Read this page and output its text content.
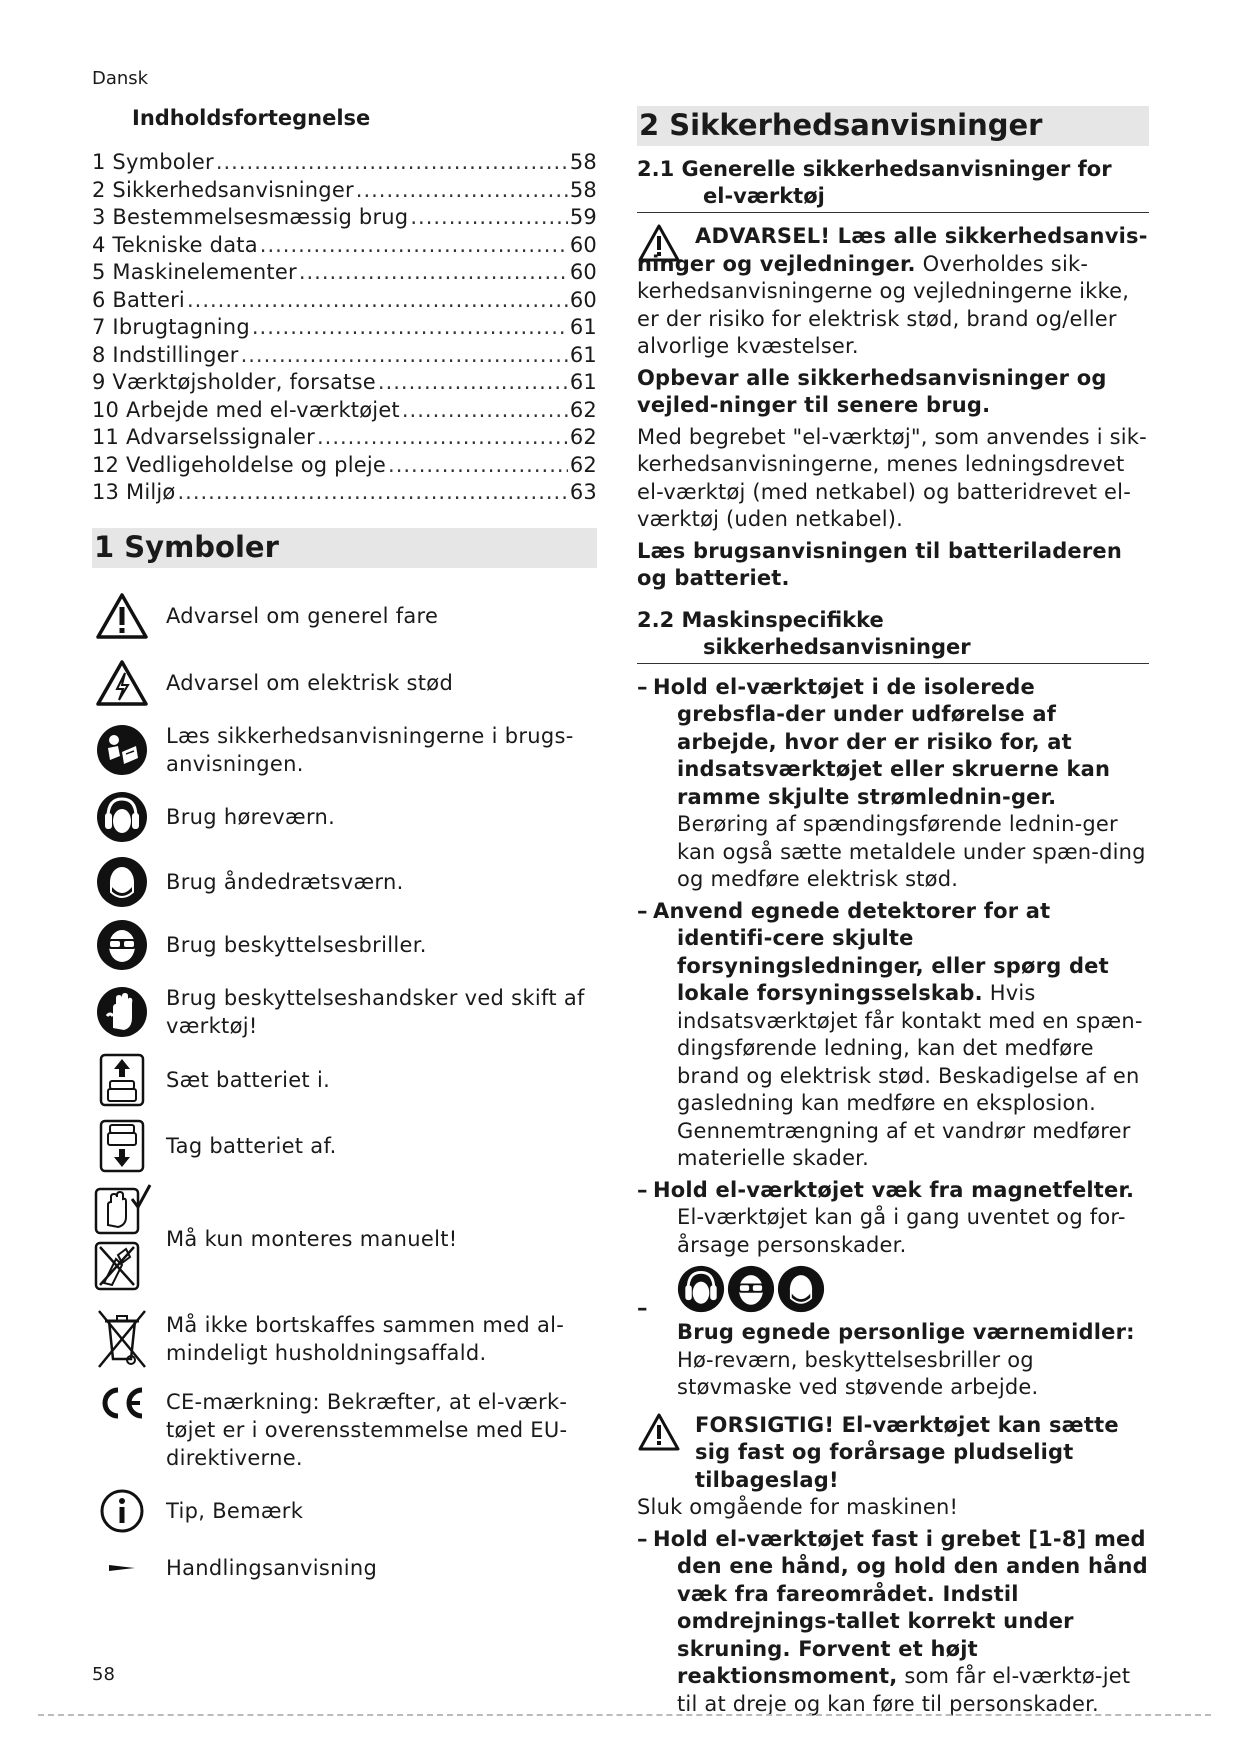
Dansk
Indholdsfortegnelse
1 Symboler .....	58
2 Sikkerhedsanvisninger .....	58
3 Bestemmelsesmæssig brug .....	59
4 Tekniske data .....	60
5 Maskinelementer .....	60
6 Batteri .....	60
7 Ibrugtagning .....	61
8 Indstillinger .....	61
9 Værktøjsholder, forsatse .....	61
10 Arbejde med el-værktøjet .....	62
11 Advarselssignaler .....	62
12 Vedligeholdelse og pleje .....	62
13 Miljø .....	63
1 Symboler
Advarsel om generel fare
Advarsel om elektrisk stød
Læs sikkerhedsanvisningerne i brugs-anvisningen.
Brug høreværn.
Brug åndedrætsværn.
Brug beskyttelsesbriller.
Brug beskyttelseshandsker ved skift af værktøj!
Sæt batteriet i.
Tag batteriet af.
Må kun monteres manuelt!
Må ikke bortskaffes sammen med al-mindeligt husholdningsaffald.
CE-mærkning: Bekræfter, at el-værk-tøjet er i overensstemmelse med EU-direktiverne.
Tip, Bemærk
Handlingsanvisning
2 Sikkerhedsanvisninger
2.1 Generelle sikkerhedsanvisninger for
el-værktøj
ADVARSEL! Læs alle sikkerhedsanvis-ninger og vejledninger. Overholdes sik-kerhedsanvisningerne og vejledningerne ikke, er der risiko for elektrisk stød, brand og/eller alvorlige kvæstelser.
Opbevar alle sikkerhedsanvisninger og vejled-ninger til senere brug.
Med begrebet "el-værktøj", som anvendes i sik-kerhedsanvisningerne, menes ledningsdrevet el-værktøj (med netkabel) og batteridrevet el-værktøj (uden netkabel).
Læs brugsanvisningen til batteriladeren og batteriet.
2.2 Maskinspecifikke
sikkerhedsanvisninger
– Hold el-værktøjet i de isolerede grebsfla-der under udførelse af arbejde, hvor der er risiko for, at indsatsværktøjet eller skruerne kan ramme skjulte strømlednin-ger. Berøring af spændingsførende lednin-ger kan også sætte metaldele under spæn-ding og medføre elektrisk stød.
– Anvend egnede detektorer for at identifi-cere skjulte forsyningsledninger, eller spørg det lokale forsyningsselskab. Hvis indsatsværktøjet får kontakt med en spæn-dingsførende ledning, kan det medføre brand og elektrisk stød. Beskadigelse af en gasledning kan medføre en eksplosion. Gennemtrængning af et vandrør medfører materielle skader.
– Hold el-værktøjet væk fra magnetfelter. El-værktøjet kan gå i gang uventet og for-årsage personskader.
–
Brug egnede personlige værnemidler: Hø-reværn, beskyttelsesbriller og støvmaske ved støvende arbejde.
FORSIGTIG! El-værktøjet kan sætte sig fast og forårsage pludseligt tilbageslag!
Sluk omgående for maskinen!
– Hold el-værktøjet fast i grebet [1-8] med den ene hånd, og hold den anden hånd væk fra fareområdet. Indstil omdrejnings-tallet korrekt under skruning. Forvent et højt reaktionsmoment, som får el-værktø-jet til at dreje og kan føre til personskader.
58
